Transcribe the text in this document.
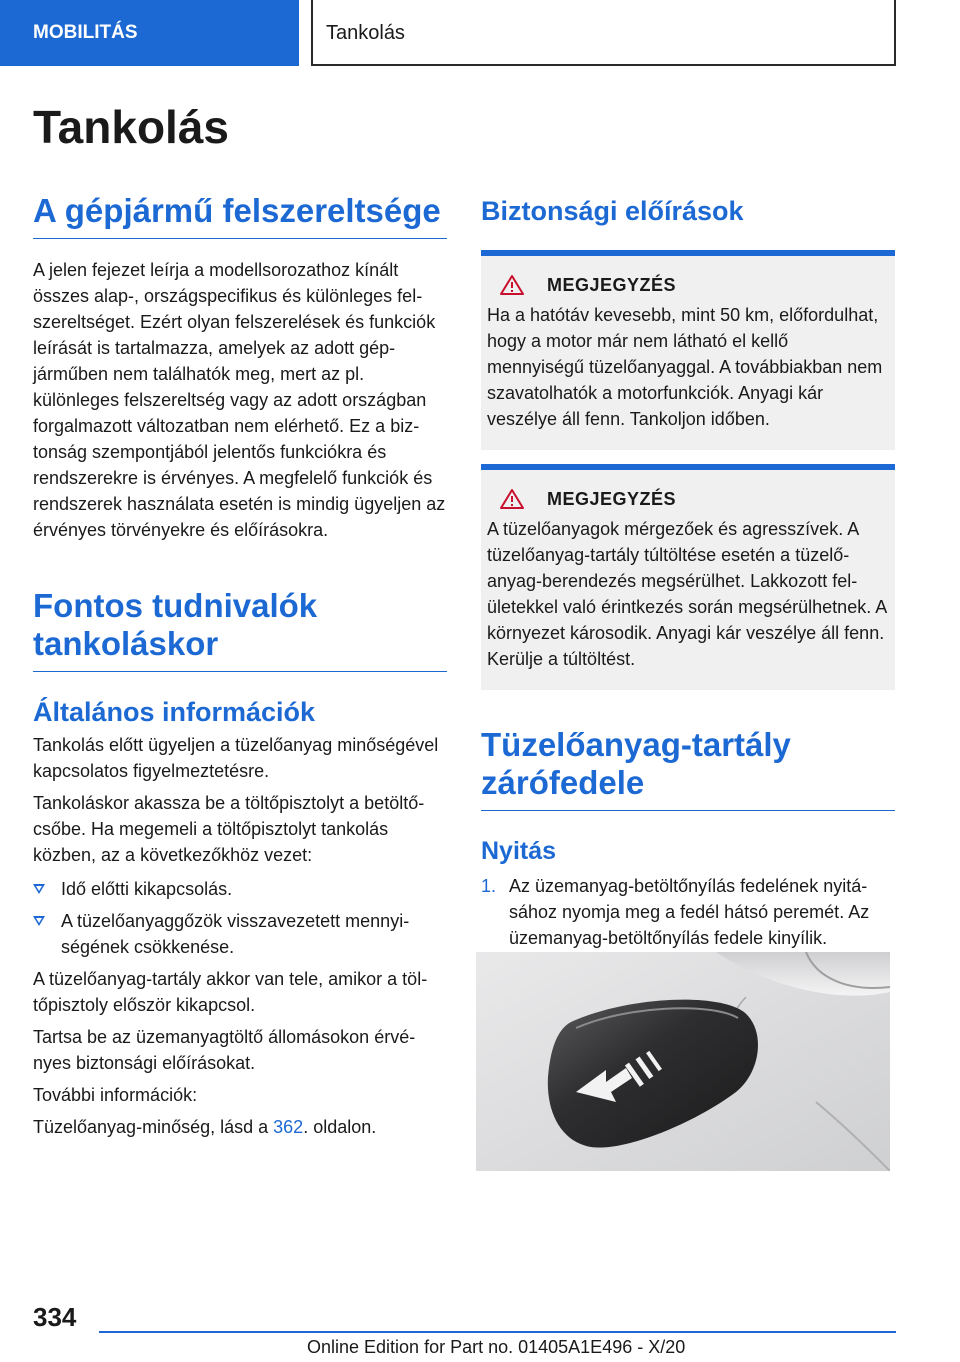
MOBILITÁS	Tankolás
Tankolás
A gépjármű felszereltsége

A jelen fejezet leírja a modellsorozathoz kínált összes alap-, országspecifikus és különleges felszereltséget. Ezért olyan felszerelések és funkciók leírását is tartalmazza, amelyek az adott gépjárműben nem találhatók meg, mert az pl. különleges felszereltség vagy az adott országban forgalmazott változatban nem elérhető. Ez a biztonság szempontjából jelentős funkciókra és rendszerekre is érvényes. A megfelelő funkciók és rendszerek használata esetén is mindig ügyeljen az érvényes törvényekre és előírásokra.

Fontos tudnivalók tankoláskor
Általános információk

Tankolás előtt ügyeljen a tüzelőanyag minőségével kapcsolatos figyelmeztetésre.

Tankoláskor akassza be a töltőpisztolyt a betöltőcsőbe. Ha megemeli a töltőpisztolyt tankolás közben, az a következőkhöz vezet:

Idő előtti kikapcsolás.
A tüzelőanyaggőzök visszavezetett mennyiségének csökkenése.

A tüzelőanyag-tartály akkor van tele, amikor a töltőpisztoly először kikapcsol.

Tartsa be az üzemanyagtöltő állomásokon érvényes biztonsági előírásokat.

További információk:

Tüzelőanyag-minőség, lásd a 362. oldalon.

Biztonsági előírások
MEGJEGYZÉS

Ha a hatótáv kevesebb, mint 50 km, előfordulhat, hogy a motor már nem látható el kellő mennyiségű tüzelőanyaggal. A továbbiakban nem szavatolhatók a motorfunkciók. Anyagi kár veszélye áll fenn. Tankoljon időben.

MEGJEGYZÉS

A tüzelőanyagok mérgezőek és agresszívek. A tüzelőanyag-tartály túltöltése esetén a tüzelőanyag-berendezés megsérülhet. Lakkozott felületekkel való érintkezés során megsérülhetnek. A környezet károsodik. Anyagi kár veszélye áll fenn. Kerülje a túltöltést.

Tüzelőanyag-tartály zárófedele
Nyitás
1. Az üzemanyag-betöltőnyílás fedelének nyitásához nyomja meg a fedél hátsó peremét. Az üzemanyag-betöltőnyílás fedele kinyílik.
334
Online Edition for Part no. 01405A1E496 - X/20
